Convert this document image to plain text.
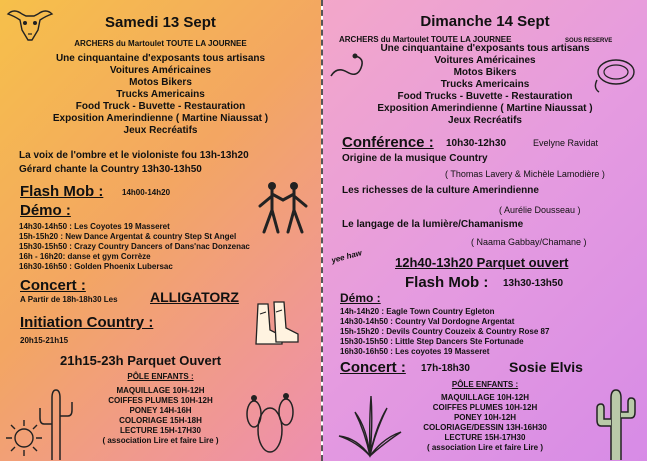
Samedi 13 Sept
ARCHERS du Martoulet TOUTE LA JOURNEE
Une cinquantaine d'exposants tous artisans
Voitures Américaines
Motos Bikers
Trucks Americains
Food Truck - Buvette - Restauration
Exposition Amerindienne ( Martine Niaussat )
Jeux Recréatifs
La voix de l'ombre et le violoniste fou 13h-13h20
Gérard chante la Country 13h30-13h50
Flash Mob : 14h00-14h20
Démo :
14h30-14h50 : Les Coyotes 19 Masseret
15h-15h20 : New Dance Argentat & country Step St Angel
15h30-15h50 : Crazy Country Dancers of Dans'nac Donzenac
16h - 16h20: danse et gym Corrèze
16h30-16h50 : Golden Phoenix Lubersac
Concert :
A Partir de 18h-18h30 Les ALLIGATORZ
Initiation Country :
20h15-21h15
21h15-23h Parquet Ouvert
PÔLE ENFANTS :
MAQUILLAGE 10H-12H
COIFFES PLUMES 10H-12H
PONEY 14H-16H
COLORIAGE 15H-18H
LECTURE 15H-17H30
( association Lire et faire Lire )
Dimanche 14 Sept
ARCHERS du Martoulet TOUTE LA JOURNEE	SOUS RESERVE
Une cinquantaine d'exposants tous artisans
Voitures Américaines
Motos Bikers
Trucks Americains
Food Trucks - Buvette - Restauration
Exposition Amerindienne ( Martine Niaussat )
Jeux Recréatifs
Conférence : 10h30-12h30	Evelyne Ravidat
Origine de la musique Country
( Thomas Lavery & Michèle Lamodière )
Les richesses de la culture Amerindienne
( Aurélie Dousseau )
Le langage de la lumière/Chamanisme
( Naama Gabbay/Chamane )
yee haw 12h40-13h20 Parquet ouvert
Flash Mob : 13h30-13h50
Démo :
14h-14h20 : Eagle Town Country Egleton
14h30-14h50 : Country Val Dordogne Argentat
15h-15h20 : Devils Country Couzeix & Country Rose 87
15h30-15h50 : Little Step Dancers Ste Fortunade
16h30-16h50 : Les coyotes 19 Masseret
Concert : 17h-18h30	Sosie Elvis
PÔLE ENFANTS :
MAQUILLAGE 10H-12H
COIFFES PLUMES 10H-12H
PONEY 10H-12H
COLORIAGE/DESSIN 13H-16H30
LECTURE 15H-17H30
( association Lire et faire Lire )
